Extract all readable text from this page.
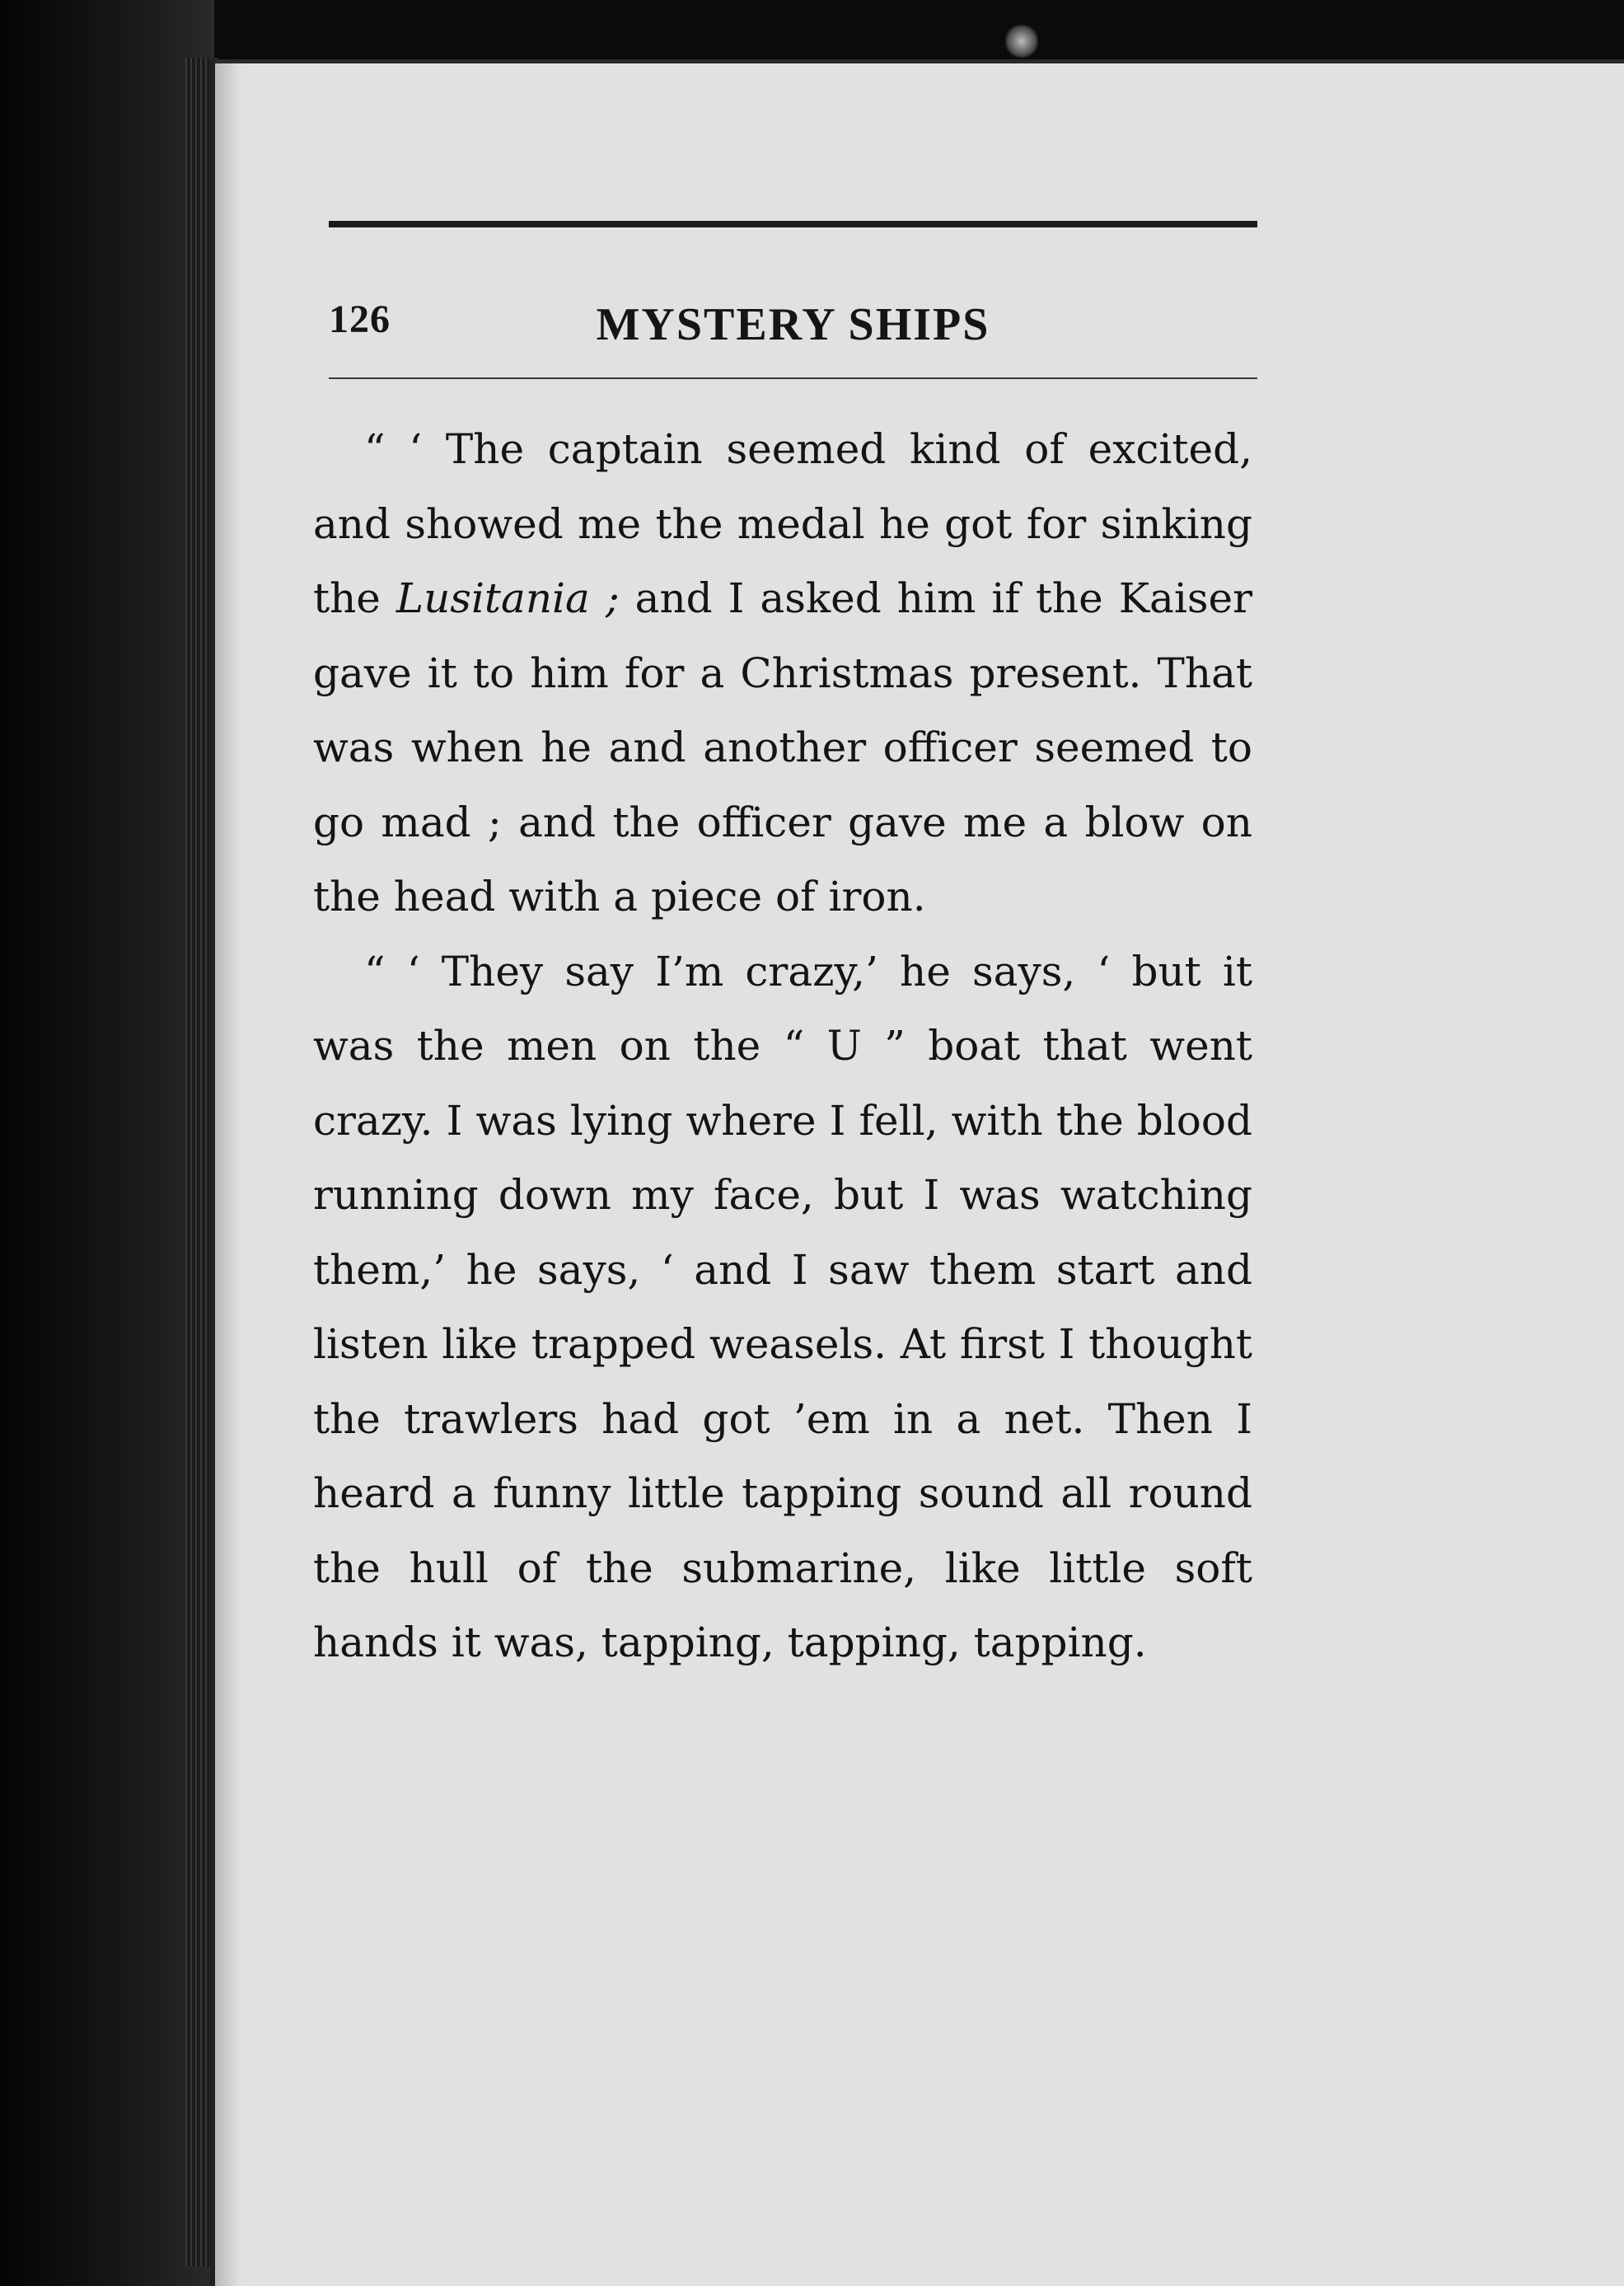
126	MYSTERY SHIPS

“ ‘ The captain seemed kind of excited, and showed me the medal he got for sinking the Lusitania ; and I asked him if the Kaiser gave it to him for a Christmas present. That was when he and another officer seemed to go mad ; and the officer gave me a blow on the head with a piece of iron.

“ ‘ They say I’m crazy,’ he says, ‘ but it was the men on the “ U ” boat that went crazy. I was lying where I fell, with the blood running down my face, but I was watching them,’ he says, ‘ and I saw them start and listen like trapped weasels. At first I thought the trawlers had got ’em in a net. Then I heard a funny little tapping sound all round the hull of the submarine, like little soft hands it was, tapping, tapping, tapping.
